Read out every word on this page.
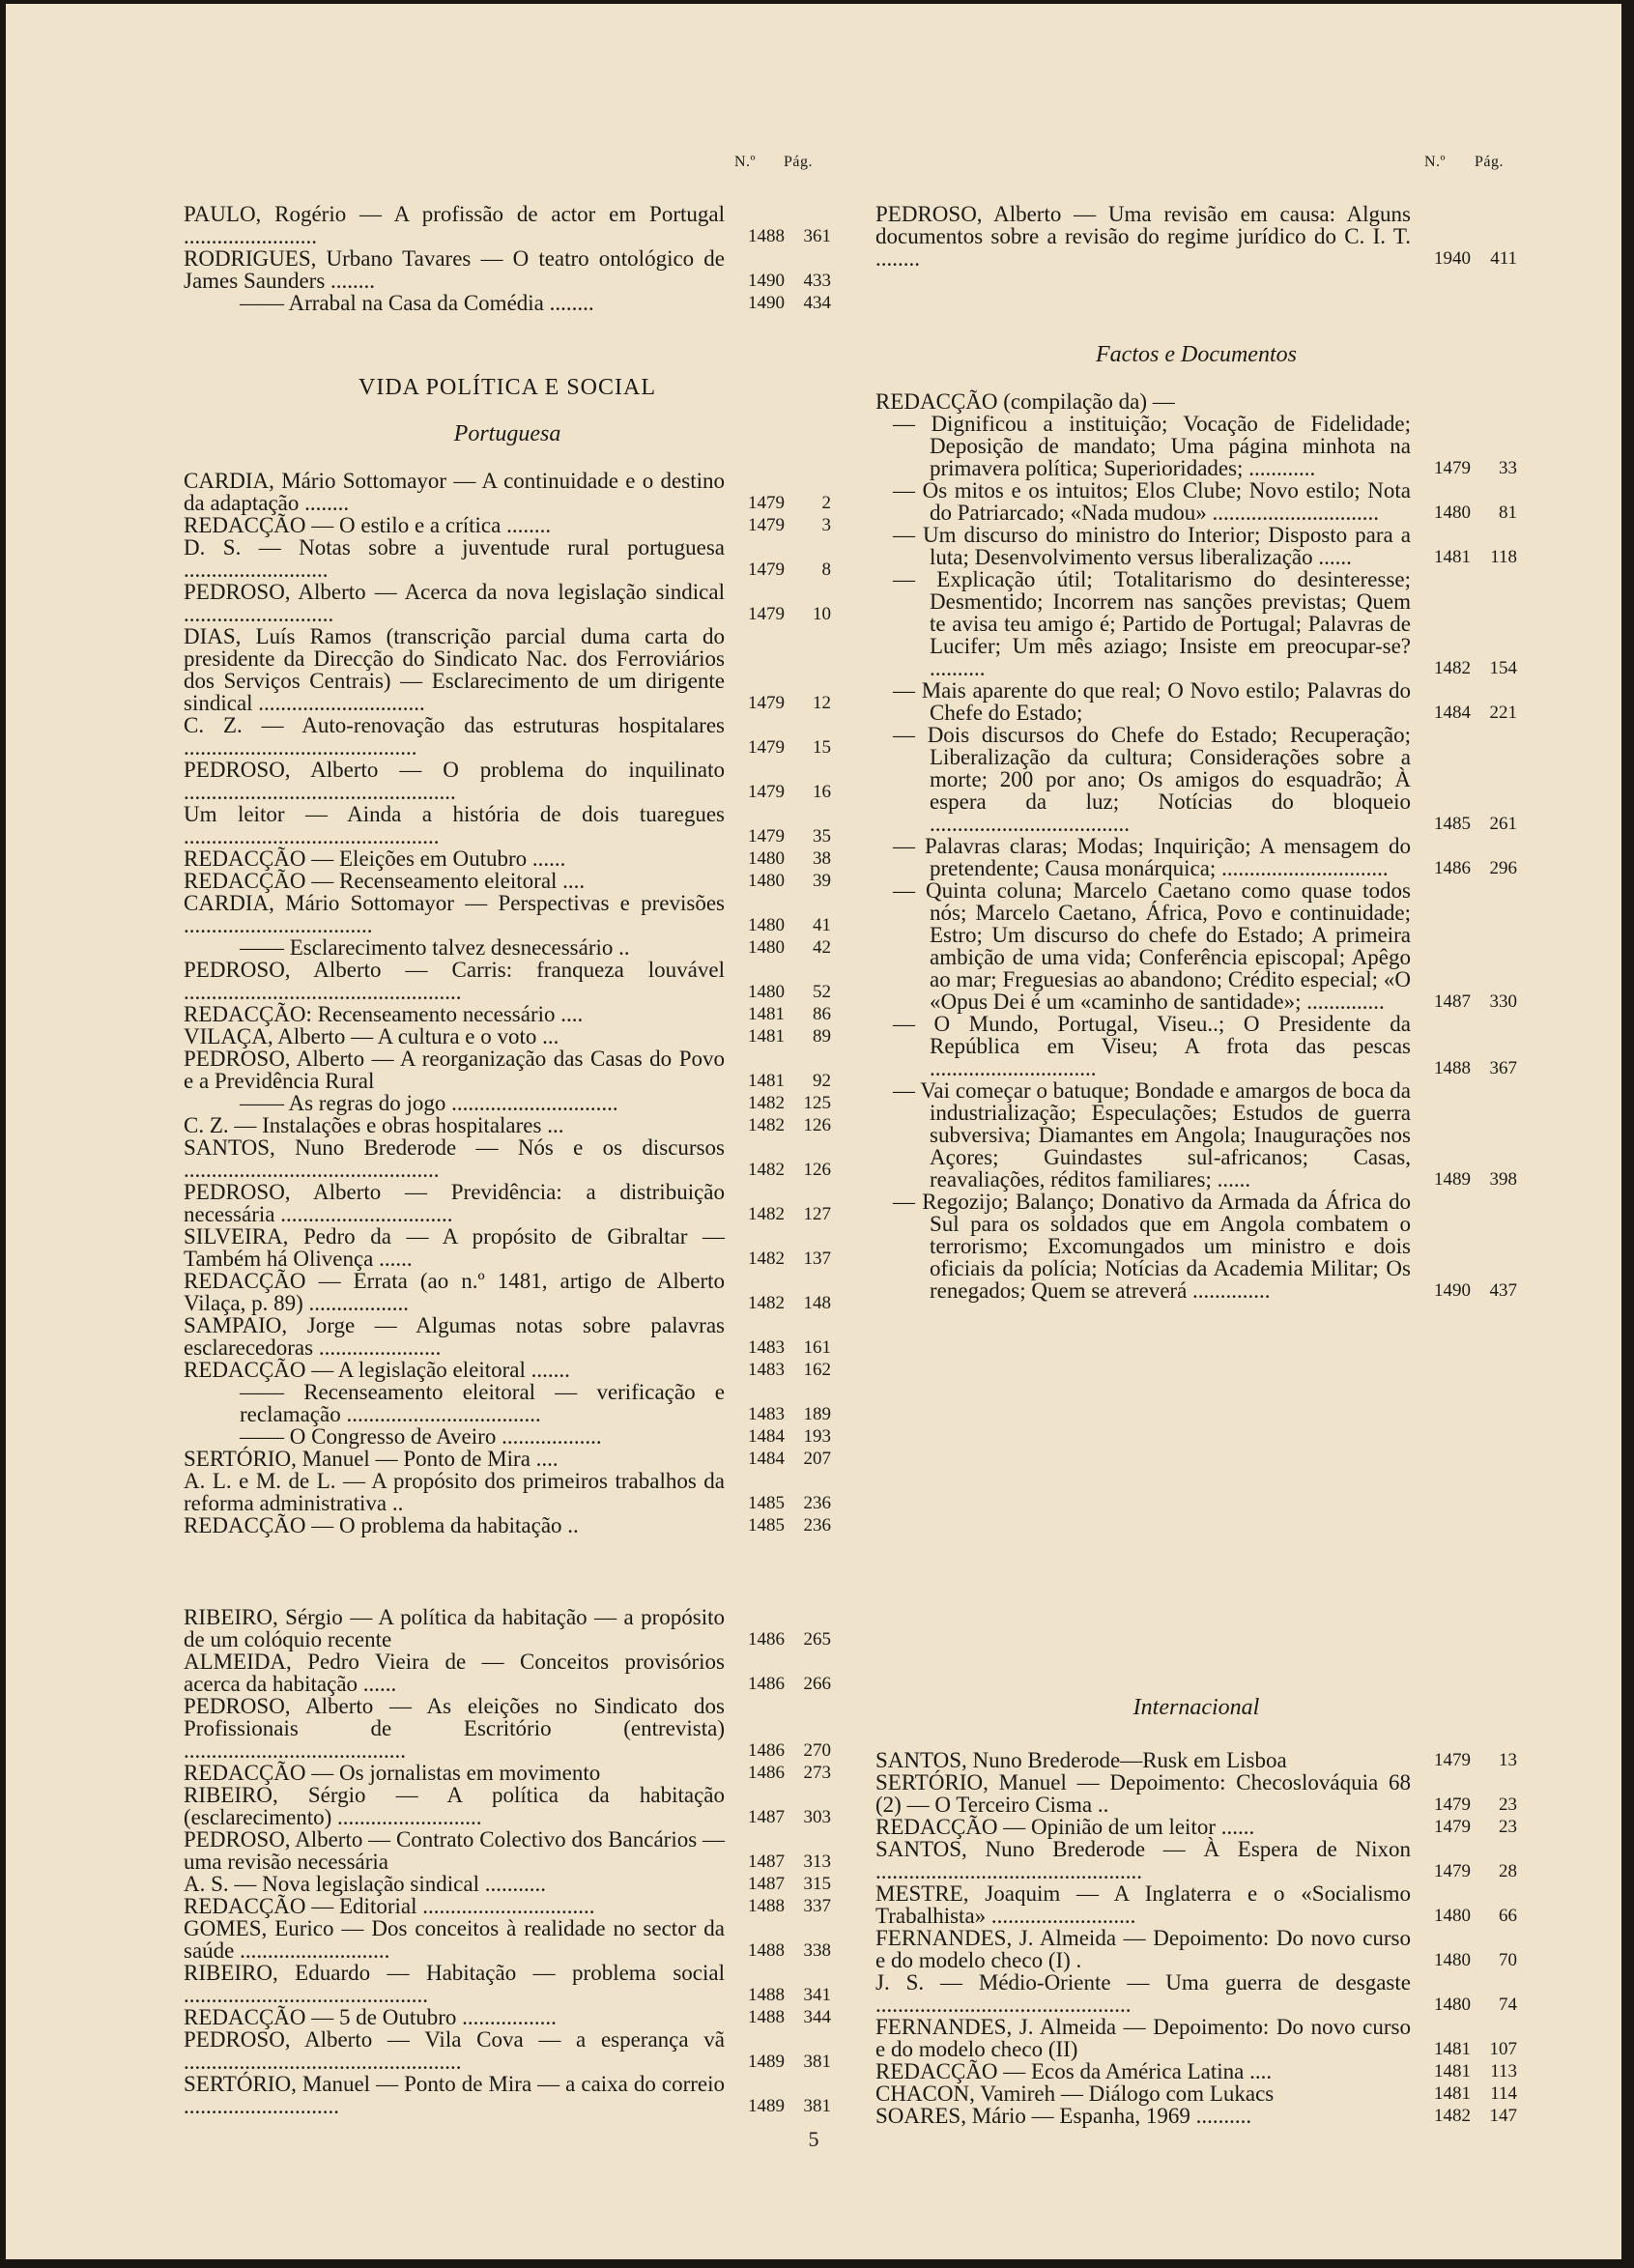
N.º Pág.
PAULO, Rogério — A profissão de actor em Portugal ........................	1488	361
RODRIGUES, Urbano Tavares — O teatro ontológico de James Saunders ........	1490	433
—— Arrabal na Casa da Comédia ........	1490	434
VIDA POLÍTICA E SOCIAL
Portuguesa
CARDIA, Mário Sottomayor — A continuidade e o destino da adaptação ........	1479	2
REDACÇÃO — O estilo e a crítica ........	1479	3
D. S. — Notas sobre a juventude rural portuguesa ..........................	1479	8
PEDROSO, Alberto — Acerca da nova legislação sindical ...........................	1479	10
DIAS, Luís Ramos (transcrição parcial duma carta do presidente da Direcção do Sindicato Nac. dos Ferroviários dos Serviços Centrais) — Esclarecimento de um dirigente sindical ..............................	1479	12
C. Z. — Auto-renovação das estruturas hospitalares ..........................................	1479	15
PEDROSO, Alberto — O problema do inquilinato .................................................	1479	16
Um leitor — Ainda a história de dois tuaregues ..............................................	1479	35
REDACÇÃO — Eleições em Outubro ......	1480	38
REDACÇÃO — Recenseamento eleitoral ....	1480	39
CARDIA, Mário Sottomayor — Perspectivas e previsões ..................................	1480	41
—— Esclarecimento talvez desnecessário ..	1480	42
PEDROSO, Alberto — Carris: franqueza louvável ..................................................	1480	52
REDACÇÃO: Recenseamento necessário ....	1481	86
VILAÇA, Alberto — A cultura e o voto ...	1481	89
PEDROSO, Alberto — A reorganização das Casas do Povo e a Previdência Rural	1481	92
—— As regras do jogo ..............................	1482	125
C. Z. — Instalações e obras hospitalares ...	1482	126
SANTOS, Nuno Brederode — Nós e os discursos ..............................................	1482	126
PEDROSO, Alberto — Previdência: a distribuição necessária ...............................	1482	127
SILVEIRA, Pedro da — A propósito de Gibraltar — Também há Olivença ......	1482	137
REDACÇÃO — Errata (ao n.º 1481, artigo de Alberto Vilaça, p. 89) ..................	1482	148
SAMPAIO, Jorge — Algumas notas sobre palavras esclarecedoras ......................	1483	161
REDACÇÃO — A legislação eleitoral .......	1483	162
—— Recenseamento eleitoral — verificação e reclamação ...................................	1483	189
—— O Congresso de Aveiro ..................	1484	193
SERTÓRIO, Manuel — Ponto de Mira ....	1484	207
A. L. e M. de L. — A propósito dos primeiros trabalhos da reforma administrativa ..	1485	236
REDACÇÃO — O problema da habitação ..	1485	236
RIBEIRO, Sérgio — A política da habitação — a propósito de um colóquio recente	1486	265
ALMEIDA, Pedro Vieira de — Conceitos provisórios acerca da habitação ......	1486	266
PEDROSO, Alberto — As eleições no Sindicato dos Profissionais de Escritório (entrevista) ........................................	1486	270
REDACÇÃO — Os jornalistas em movimento	1486	273
RIBEIRO, Sérgio — A política da habitação (esclarecimento) ..........................	1487	303
PEDROSO, Alberto — Contrato Colectivo dos Bancários — uma revisão necessária	1487	313
A. S. — Nova legislação sindical ...........	1487	315
REDACÇÃO — Editorial ...............................	1488	337
GOMES, Eurico — Dos conceitos à realidade no sector da saúde ...........................	1488	338
RIBEIRO, Eduardo — Habitação — problema social ............................................	1488	341
REDACÇÃO — 5 de Outubro .................	1488	344
PEDROSO, Alberto — Vila Cova — a esperança vã ..................................................	1489	381
SERTÓRIO, Manuel — Ponto de Mira — a caixa do correio ............................	1489	381
N.º Pág.
PEDROSO, Alberto — Uma revisão em causa: Alguns documentos sobre a revisão do regime jurídico do C. I. T. ........	1940	411
Factos e Documentos
REDACÇÃO (compilação da) —
— Dignificou a instituição; Vocação de Fidelidade; Deposição de mandato; Uma página minhota na primavera política; Superioridades; ............	1479	33
— Os mitos e os intuitos; Elos Clube; Novo estilo; Nota do Patriarcado; «Nada mudou» ..............................	1480	81
— Um discurso do ministro do Interior; Disposto para a luta; Desenvolvimento versus liberalização ......	1481	118
— Explicação útil; Totalitarismo do desinteresse; Desmentido; Incorrem nas sanções previstas; Quem te avisa teu amigo é; Partido de Portugal; Palavras de Lucifer; Um mês aziago; Insiste em preocupar-se? ..........	1482	154
— Mais aparente do que real; O Novo estilo; Palavras do Chefe do Estado;	1484	221
— Dois discursos do Chefe do Estado; Recuperação; Liberalização da cultura; Considerações sobre a morte; 200 por ano; Os amigos do esquadrão; À espera da luz; Notícias do bloqueio ....................................	1485	261
— Palavras claras; Modas; Inquirição; A mensagem do pretendente; Causa monárquica; ..............................	1486	296
— Quinta coluna; Marcelo Caetano como quase todos nós; Marcelo Caetano, África, Povo e continuidade; Estro; Um discurso do chefe do Estado; A primeira ambição de uma vida; Conferência episcopal; Apêgo ao mar; Freguesias ao abandono; Crédito especial; «O «Opus Dei é um «caminho de santidade»; ..............	1487	330
— O Mundo, Portugal, Viseu..; O Presidente da República em Viseu; A frota das pescas ..............................	1488	367
— Vai começar o batuque; Bondade e amargos de boca da industrialização; Especulações; Estudos de guerra subversiva; Diamantes em Angola; Inaugurações nos Açores; Guindastes sul-africanos; Casas, reavaliações, réditos familiares; ......	1489	398
— Regozijo; Balanço; Donativo da Armada da África do Sul para os soldados que em Angola combatem o terrorismo; Excomungados um ministro e dois oficiais da polícia; Notícias da Academia Militar; Os renegados; Quem se atreverá ..............	1490	437
Internacional
SANTOS, Nuno Brederode—Rusk em Lisboa	1479	13
SERTÓRIO, Manuel — Depoimento: Checoslováquia 68 (2) — O Terceiro Cisma ..	1479	23
REDACÇÃO — Opinião de um leitor ......	1479	23
SANTOS, Nuno Brederode — À Espera de Nixon ................................................	1479	28
MESTRE, Joaquim — A Inglaterra e o «Socialismo Trabalhista» ..........................	1480	66
FERNANDES, J. Almeida — Depoimento: Do novo curso e do modelo checo (I) .	1480	70
J. S. — Médio-Oriente — Uma guerra de desgaste ..............................................	1480	74
FERNANDES, J. Almeida — Depoimento: Do novo curso e do modelo checo (II)	1481	107
REDACÇÃO — Ecos da América Latina ....	1481	113
CHACON, Vamireh — Diálogo com Lukacs	1481	114
SOARES, Mário — Espanha, 1969 ..........	1482	147
5
